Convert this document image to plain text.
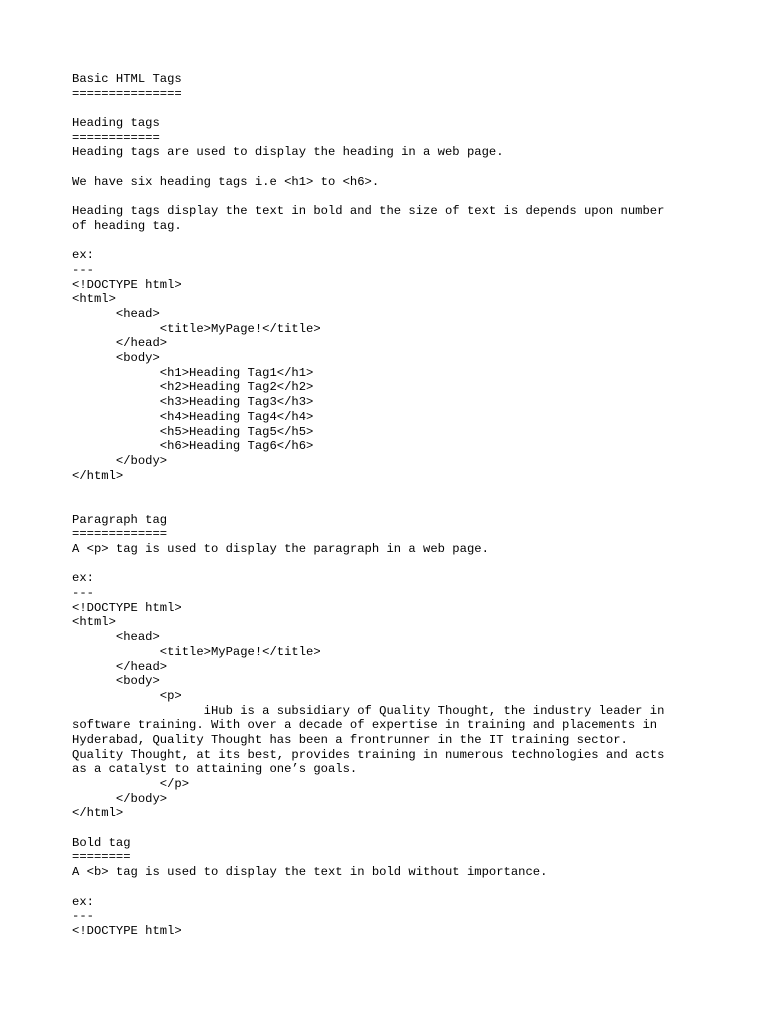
Basic HTML Tags
===============
Heading tags
============
Heading tags are used to display the heading in a web page.
We have six heading tags i.e <h1> to <h6>.
Heading tags display the text in bold and the size of text is depends upon number
of heading tag.
ex:
---
<!DOCTYPE html>
<html>
<head>
<title>MyPage!</title>
</head>
<body>
<h1>Heading Tag1</h1>
<h2>Heading Tag2</h2>
<h3>Heading Tag3</h3>
<h4>Heading Tag4</h4>
<h5>Heading Tag5</h5>
<h6>Heading Tag6</h6>
</body>
</html>
Paragraph tag
=============
A <p> tag is used to display the paragraph in a web page.
ex:
---
<!DOCTYPE html>
<html>
<head>
<title>MyPage!</title>
</head>
<body>
<p>
iHub is a subsidiary of Quality Thought, the industry leader in
software training. With over a decade of expertise in training and placements in
Hyderabad, Quality Thought has been a frontrunner in the IT training sector.
Quality Thought, at its best, provides training in numerous technologies and acts
as a catalyst to attaining one’s goals.
</p>
</body>
</html>
Bold tag
========
A <b> tag is used to display the text in bold without importance.
ex:
---
<!DOCTYPE html>
